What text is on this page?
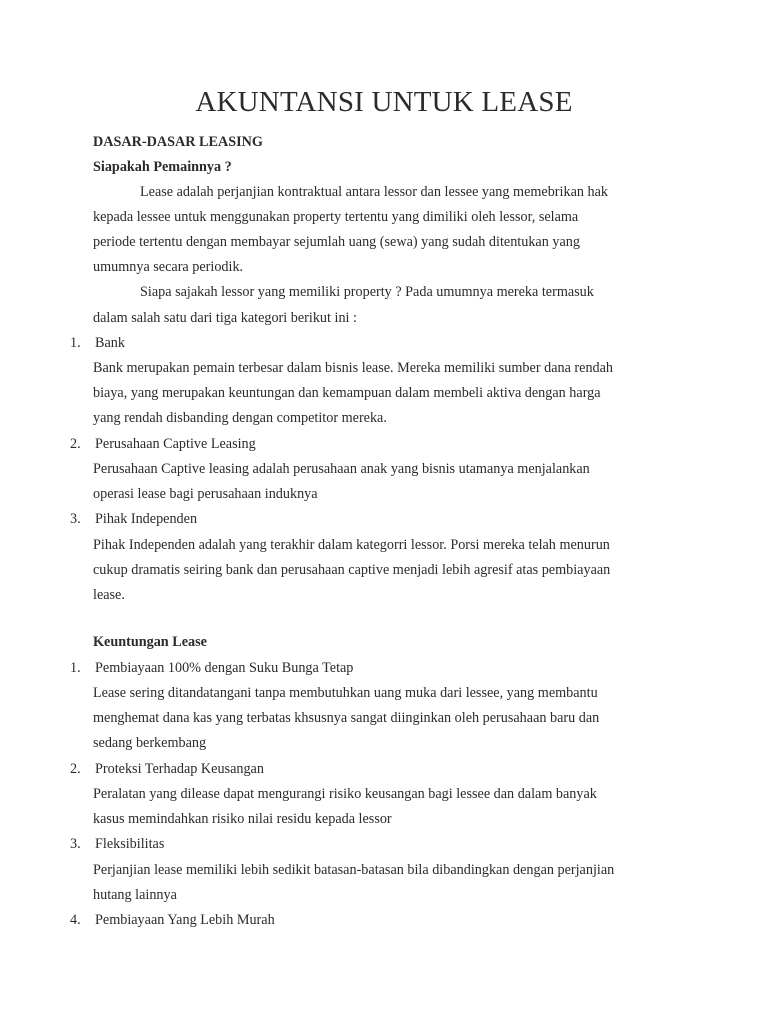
AKUNTANSI UNTUK LEASE
DASAR-DASAR LEASING
Siapakah Pemainnya ?
Lease adalah perjanjian kontraktual antara lessor dan lessee yang memebrikan hak
kepada lessee untuk menggunakan property tertentu yang dimiliki oleh lessor, selama
periode tertentu dengan membayar sejumlah uang (sewa) yang sudah ditentukan yang
umumnya secara periodik.
Siapa sajakah lessor yang memiliki property ? Pada umumnya mereka termasuk
dalam salah satu dari tiga kategori berikut ini :
1. Bank
Bank merupakan pemain terbesar dalam bisnis lease. Mereka memiliki sumber dana rendah
biaya, yang merupakan keuntungan dan kemampuan dalam membeli aktiva dengan harga
yang rendah disbanding dengan competitor mereka.
2. Perusahaan Captive Leasing
Perusahaan Captive leasing adalah perusahaan anak yang bisnis utamanya menjalankan
operasi lease bagi perusahaan induknya
3. Pihak Independen
Pihak Independen adalah yang terakhir dalam kategorri lessor. Porsi mereka telah menurun
cukup dramatis seiring bank dan perusahaan captive menjadi lebih agresif atas pembiayaan
lease.
Keuntungan Lease
1. Pembiayaan 100% dengan Suku Bunga Tetap
Lease sering ditandatangani tanpa membutuhkan uang muka dari lessee, yang membantu
menghemat dana kas yang terbatas khsusnya sangat diinginkan oleh perusahaan baru dan
sedang berkembang
2. Proteksi Terhadap Keusangan
Peralatan yang dilease dapat mengurangi risiko keusangan bagi lessee dan dalam banyak
kasus memindahkan risiko nilai residu kepada lessor
3. Fleksibilitas
Perjanjian lease memiliki lebih sedikit batasan-batasan bila dibandingkan dengan perjanjian
hutang lainnya
4. Pembiayaan Yang Lebih Murah
